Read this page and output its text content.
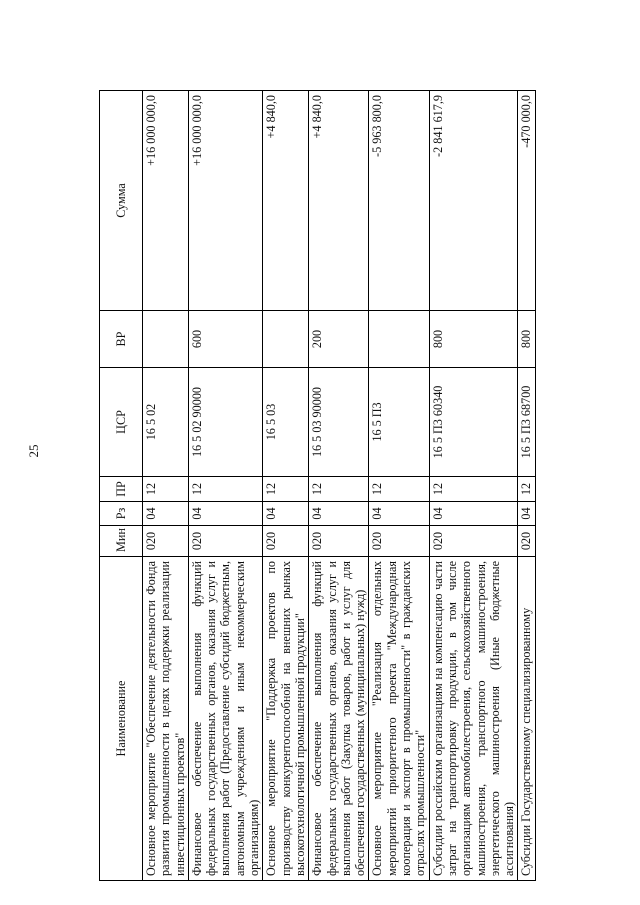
25
Наименование	Мин	Рз	ПР	ЦСР	ВР	Сумма
Основное мероприятие "Обеспечение деятельности Фонда развития промышленности в целях поддержки реализации инвестиционных проектов"	020	04	12	16 5 02		+16 000 000,0
Финансовое обеспечение выполнения функций федеральных государственных органов, оказания услуг и выполнения работ (Предоставление субсидий бюджетным, автономным учреждениям и иным некоммерческим организациям)	020	04	12	16 5 02 90000	600	+16 000 000,0
Основное мероприятие "Поддержка проектов по производству конкурентоспособной на внешних рынках высокотехнологичной промышленной продукции"	020	04	12	16 5 03		+4 840,0
Финансовое обеспечение выполнения функций федеральных государственных органов, оказания услуг и выполнения работ (Закупка товаров, работ и услуг для обеспечения государственных (муниципальных) нужд)	020	04	12	16 5 03 90000	200	+4 840,0
Основное мероприятие "Реализация отдельных мероприятий приоритетного проекта "Международная кооперация и экспорт в промышленности" в гражданских отраслях промышленности"	020	04	12	16 5 П3		-5 963 800,0
Субсидии российским организациям на компенсацию части затрат на транспортировку продукции, в том числе организациям автомобилестроения, сельскохозяйственного машиностроения, транспортного машиностроения, энергетического машиностроения (Иные бюджетные ассигнования)	020	04	12	16 5 П3 60340	800	-2 841 617,9
Субсидии Государственному специализированному	020	04	12	16 5 П3 68700	800	-470 000,0
